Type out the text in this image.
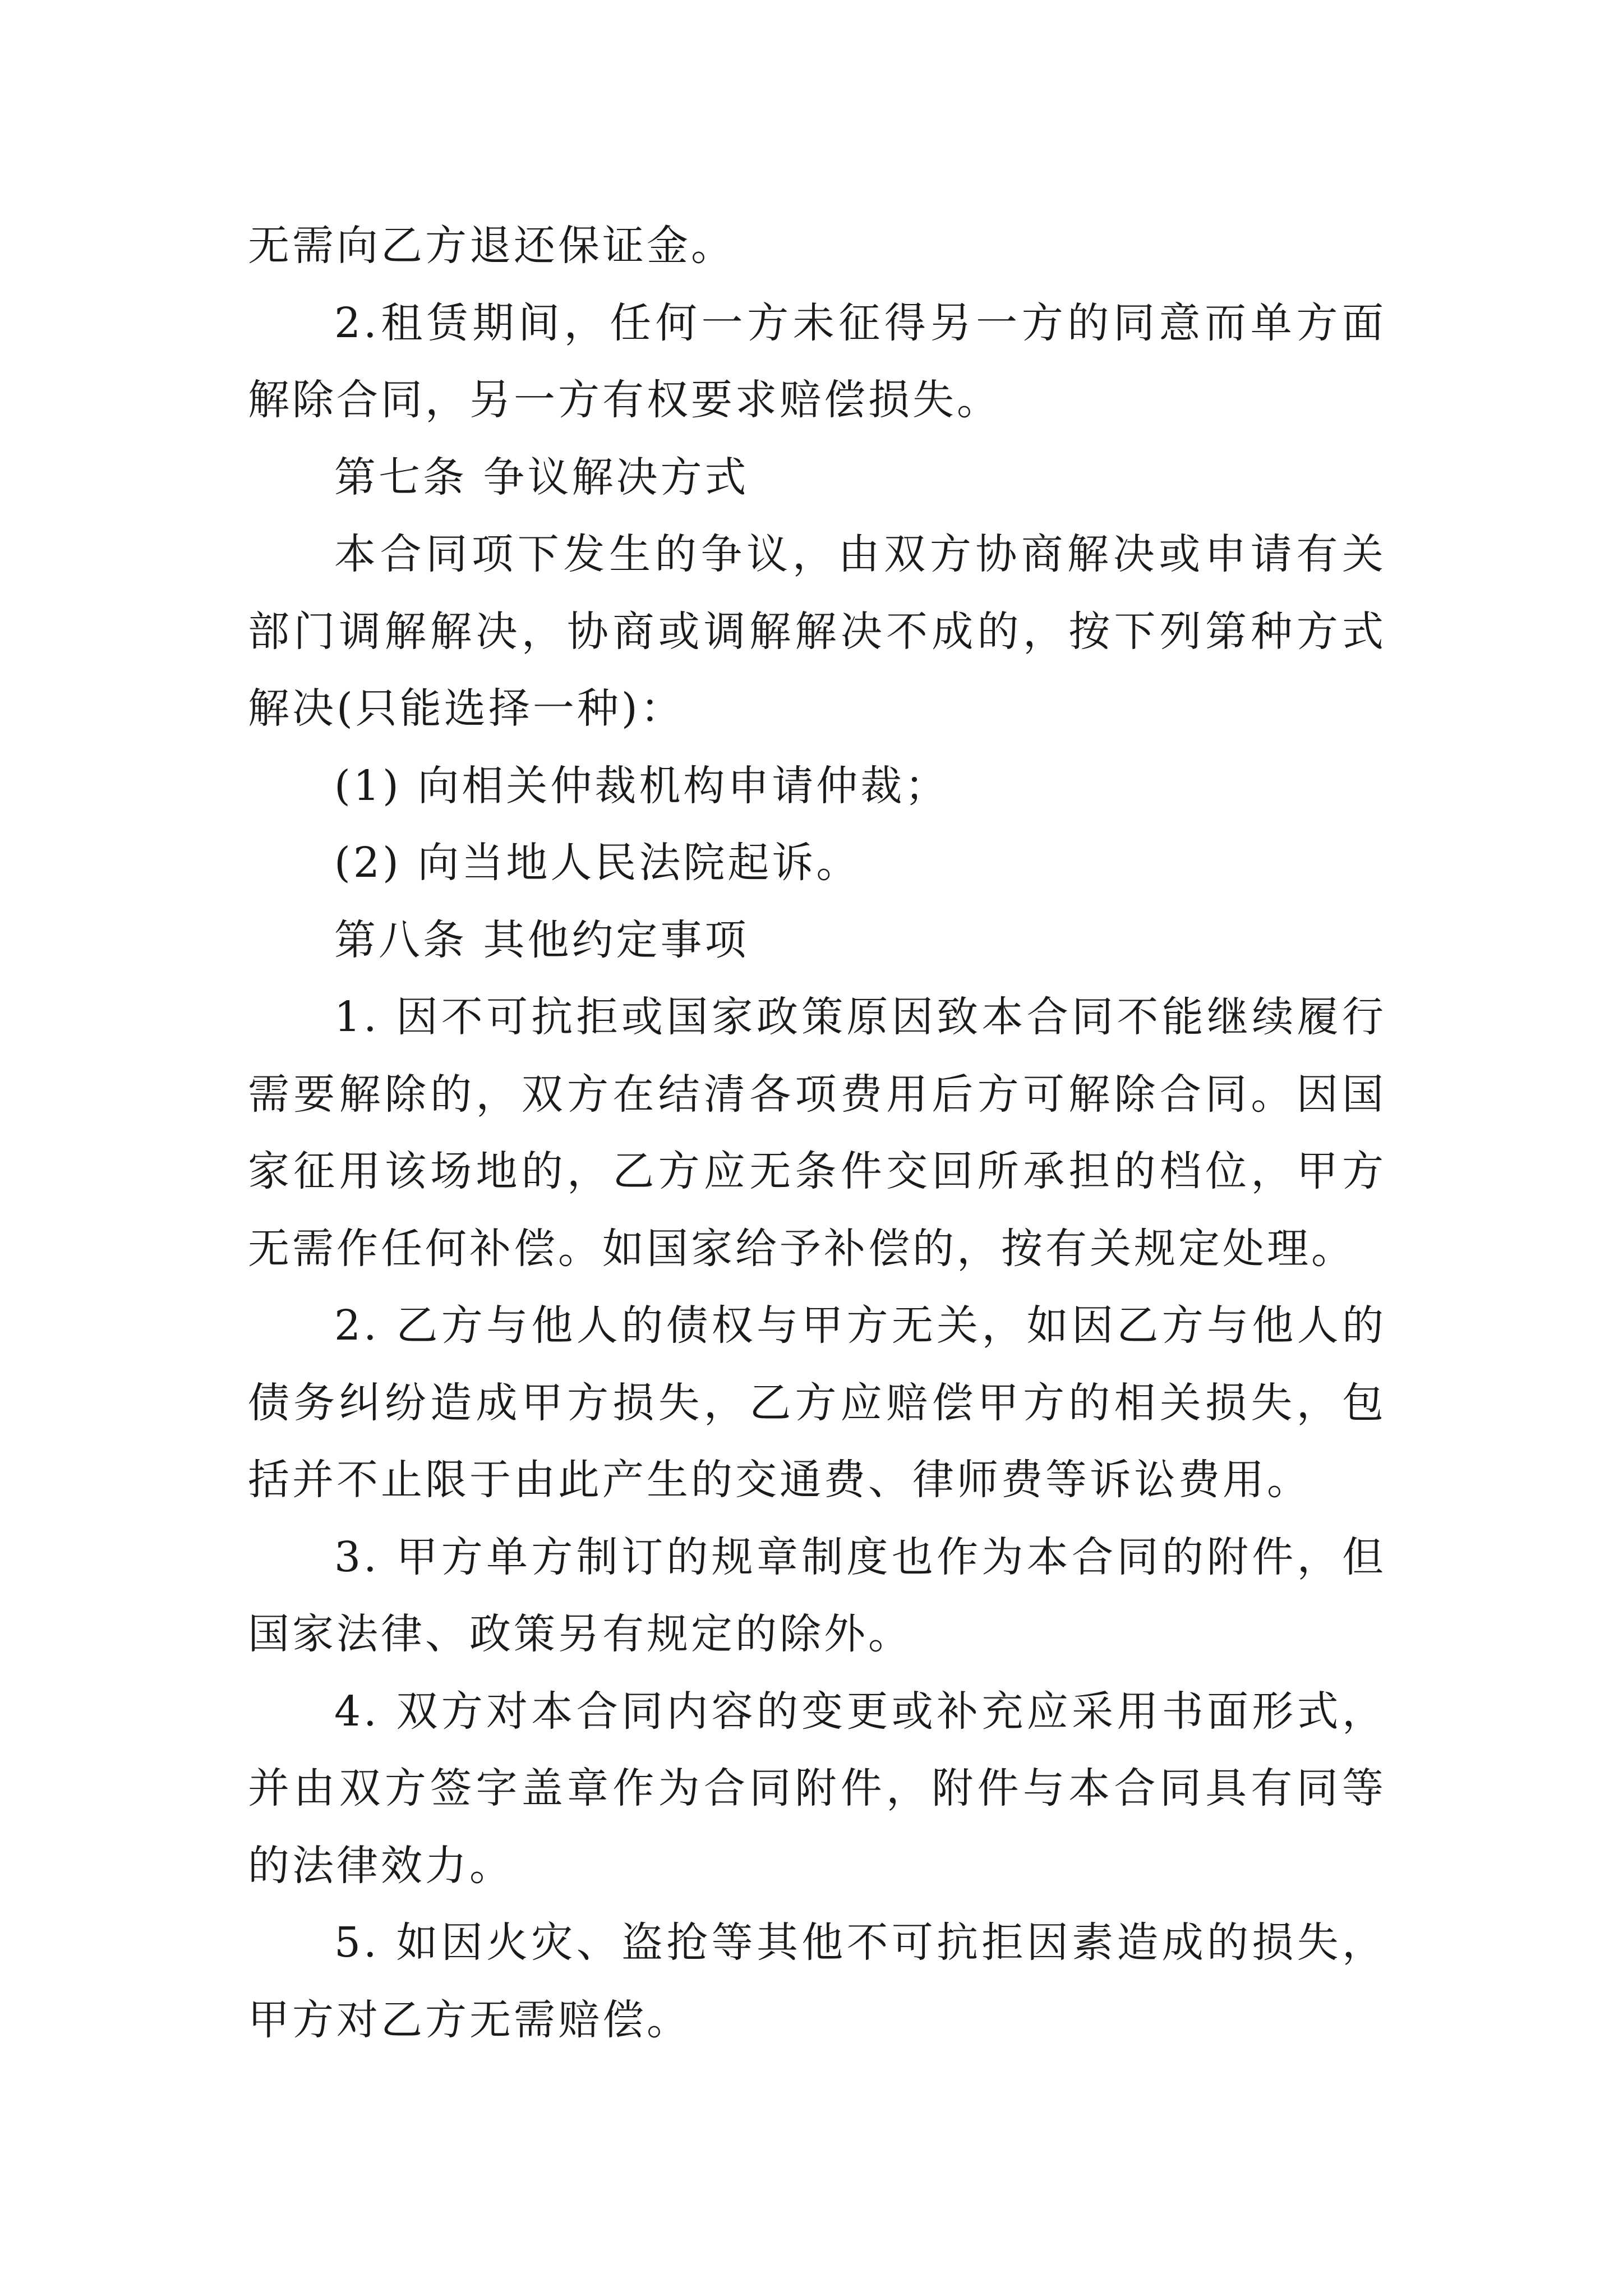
无需向乙方退还保证金。

2.租赁期间，任何一方未征得另一方的同意而单方面解除合同，另一方有权要求赔偿损失。

第七条 争议解决方式

本合同项下发生的争议，由双方协商解决或申请有关部门调解解决，协商或调解解决不成的，按下列第种方式解决(只能选择一种)：

(1) 向相关仲裁机构申请仲裁；

(2) 向当地人民法院起诉。

第八条 其他约定事项

1. 因不可抗拒或国家政策原因致本合同不能继续履行需要解除的，双方在结清各项费用后方可解除合同。因国家征用该场地的，乙方应无条件交回所承担的档位，甲方无需作任何补偿。如国家给予补偿的，按有关规定处理。

2. 乙方与他人的债权与甲方无关，如因乙方与他人的债务纠纷造成甲方损失，乙方应赔偿甲方的相关损失，包括并不止限于由此产生的交通费、律师费等诉讼费用。

3. 甲方单方制订的规章制度也作为本合同的附件，但国家法律、政策另有规定的除外。

4. 双方对本合同内容的变更或补充应采用书面形式，并由双方签字盖章作为合同附件，附件与本合同具有同等的法律效力。

5. 如因火灾、盗抢等其他不可抗拒因素造成的损失，甲方对乙方无需赔偿。
